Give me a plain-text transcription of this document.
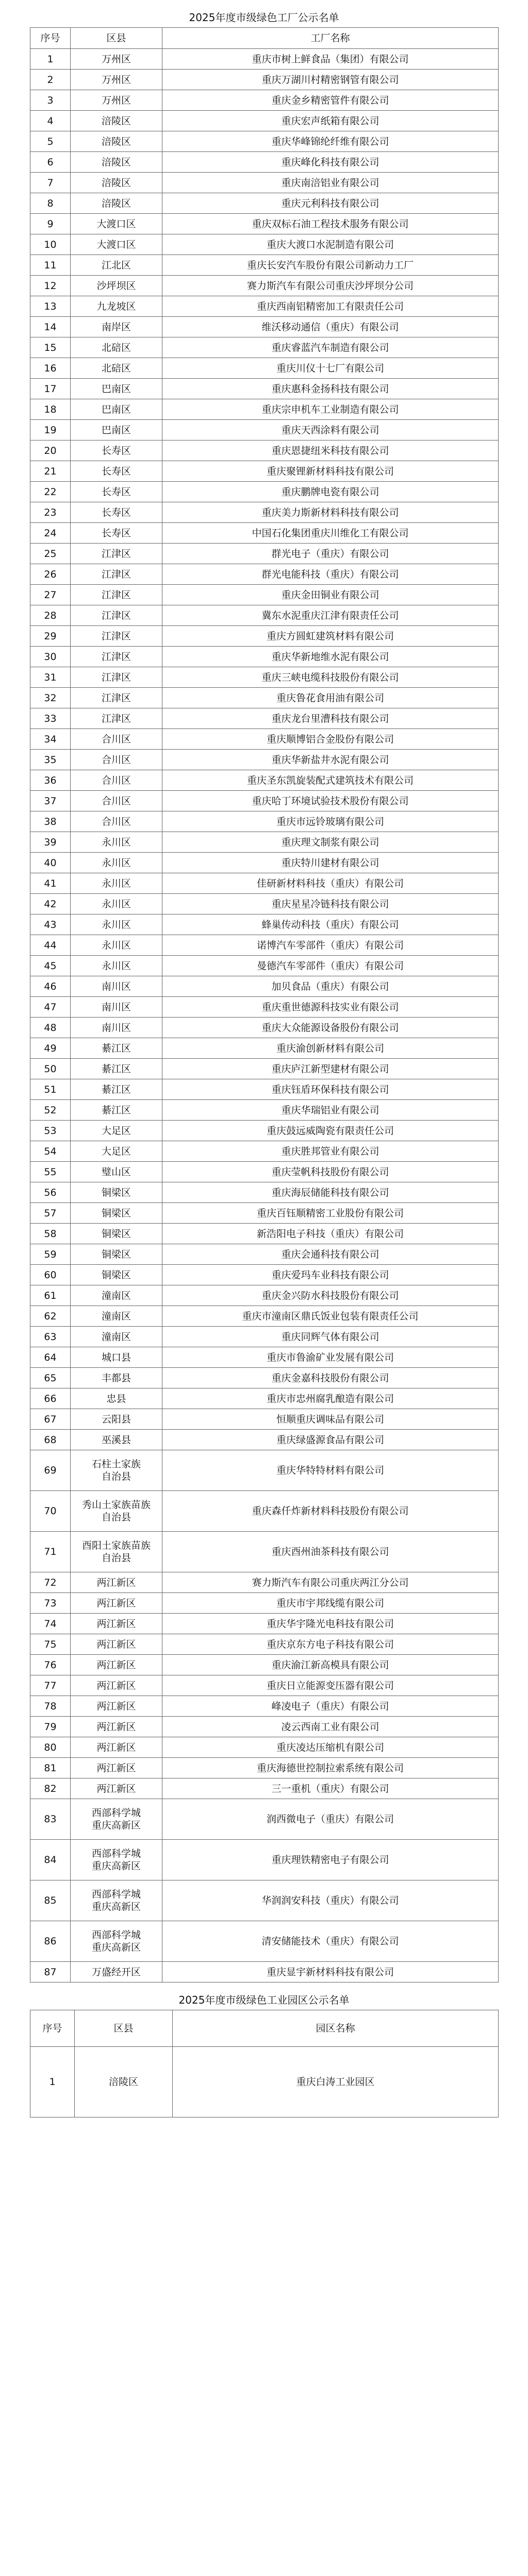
2025年度市级绿色工厂公示名单
序号	区县	工厂名称
1	万州区	重庆市树上鲜食品（集团）有限公司
2	万州区	重庆万湖川村精密钢管有限公司
3	万州区	重庆金乡精密管件有限公司
4	涪陵区	重庆宏声纸箱有限公司
5	涪陵区	重庆华峰锦纶纤维有限公司
6	涪陵区	重庆峰化科技有限公司
7	涪陵区	重庆南涪铝业有限公司
8	涪陵区	重庆元利科技有限公司
9	大渡口区	重庆双标石油工程技术服务有限公司
10	大渡口区	重庆大渡口水泥制造有限公司
11	江北区	重庆长安汽车股份有限公司新动力工厂
12	沙坪坝区	赛力斯汽车有限公司重庆沙坪坝分公司
13	九龙坡区	重庆西南铝精密加工有限责任公司
14	南岸区	维沃移动通信（重庆）有限公司
15	北碚区	重庆睿蓝汽车制造有限公司
16	北碚区	重庆川仪十七厂有限公司
17	巴南区	重庆惠科金扬科技有限公司
18	巴南区	重庆宗申机车工业制造有限公司
19	巴南区	重庆天西涂料有限公司
20	长寿区	重庆恩捷纽米科技有限公司
21	长寿区	重庆聚锂新材料科技有限公司
22	长寿区	重庆鹏牌电瓷有限公司
23	长寿区	重庆美力斯新材料科技有限公司
24	长寿区	中国石化集团重庆川维化工有限公司
25	江津区	群光电子（重庆）有限公司
26	江津区	群光电能科技（重庆）有限公司
27	江津区	重庆金田铜业有限公司
28	江津区	冀东水泥重庆江津有限责任公司
29	江津区	重庆方圆虹建筑材料有限公司
30	江津区	重庆华新地维水泥有限公司
31	江津区	重庆三峡电缆科技股份有限公司
32	江津区	重庆鲁花食用油有限公司
33	江津区	重庆龙台里漕科技有限公司
34	合川区	重庆顺博铝合金股份有限公司
35	合川区	重庆华新盐井水泥有限公司
36	合川区	重庆圣东凯旋装配式建筑技术有限公司
37	合川区	重庆哈丁环境试验技术股份有限公司
38	合川区	重庆市远铃玻璃有限公司
39	永川区	重庆理文制浆有限公司
40	永川区	重庆特川建材有限公司
41	永川区	佳研新材料科技（重庆）有限公司
42	永川区	重庆星星冷链科技有限公司
43	永川区	蜂巢传动科技（重庆）有限公司
44	永川区	诺博汽车零部件（重庆）有限公司
45	永川区	曼德汽车零部件（重庆）有限公司
46	南川区	加贝食品（重庆）有限公司
47	南川区	重庆重世德源科技实业有限公司
48	南川区	重庆大众能源设备股份有限公司
49	綦江区	重庆渝创新材料有限公司
50	綦江区	重庆庐江新型建材有限公司
51	綦江区	重庆钰盾环保科技有限公司
52	綦江区	重庆华瑞铝业有限公司
53	大足区	重庆鼓远威陶瓷有限责任公司
54	大足区	重庆胜邦管业有限公司
55	璧山区	重庆莹帆科技股份有限公司
56	铜梁区	重庆海辰储能科技有限公司
57	铜梁区	重庆百钰顺精密工业股份有限公司
58	铜梁区	新浩阳电子科技（重庆）有限公司
59	铜梁区	重庆会通科技有限公司
60	铜梁区	重庆爱玛车业科技有限公司
61	潼南区	重庆金兴防水科技股份有限公司
62	潼南区	重庆市潼南区鼎氏饭业包装有限责任公司
63	潼南区	重庆同辉气体有限公司
64	城口县	重庆市鲁渝矿业发展有限公司
65	丰都县	重庆金嘉科技股份有限公司
66	忠县	重庆市忠州腐乳酿造有限公司
67	云阳县	恒顺重庆调味品有限公司
68	巫溪县	重庆绿盛源食品有限公司
69	石柱土家族
自治县	重庆华特特材料有限公司
70	秀山土家族苗族
自治县	重庆森仟炸新材料科技股份有限公司
71	酉阳土家族苗族
自治县	重庆酉州油茶科技有限公司
72	两江新区	赛力斯汽车有限公司重庆两江分公司
73	两江新区	重庆市宇邦线缆有限公司
74	两江新区	重庆华宇隆光电科技有限公司
75	两江新区	重庆京东方电子科技有限公司
76	两江新区	重庆渝江新高模具有限公司
77	两江新区	重庆日立能源变压器有限公司
78	两江新区	峰凌电子（重庆）有限公司
79	两江新区	凌云西南工业有限公司
80	两江新区	重庆凌达压缩机有限公司
81	两江新区	重庆海德世控制拉索系统有限公司
82	两江新区	三一重机（重庆）有限公司
83	西部科学城
重庆高新区	润西微电子（重庆）有限公司
84	西部科学城
重庆高新区	重庆理铁精密电子有限公司
85	西部科学城
重庆高新区	华润润安科技（重庆）有限公司
86	西部科学城
重庆高新区	清安储能技术（重庆）有限公司
87	万盛经开区	重庆显宇新材料科技有限公司
2025年度市级绿色工业园区公示名单
序号	区县	园区名称
1	涪陵区	重庆白涛工业园区
